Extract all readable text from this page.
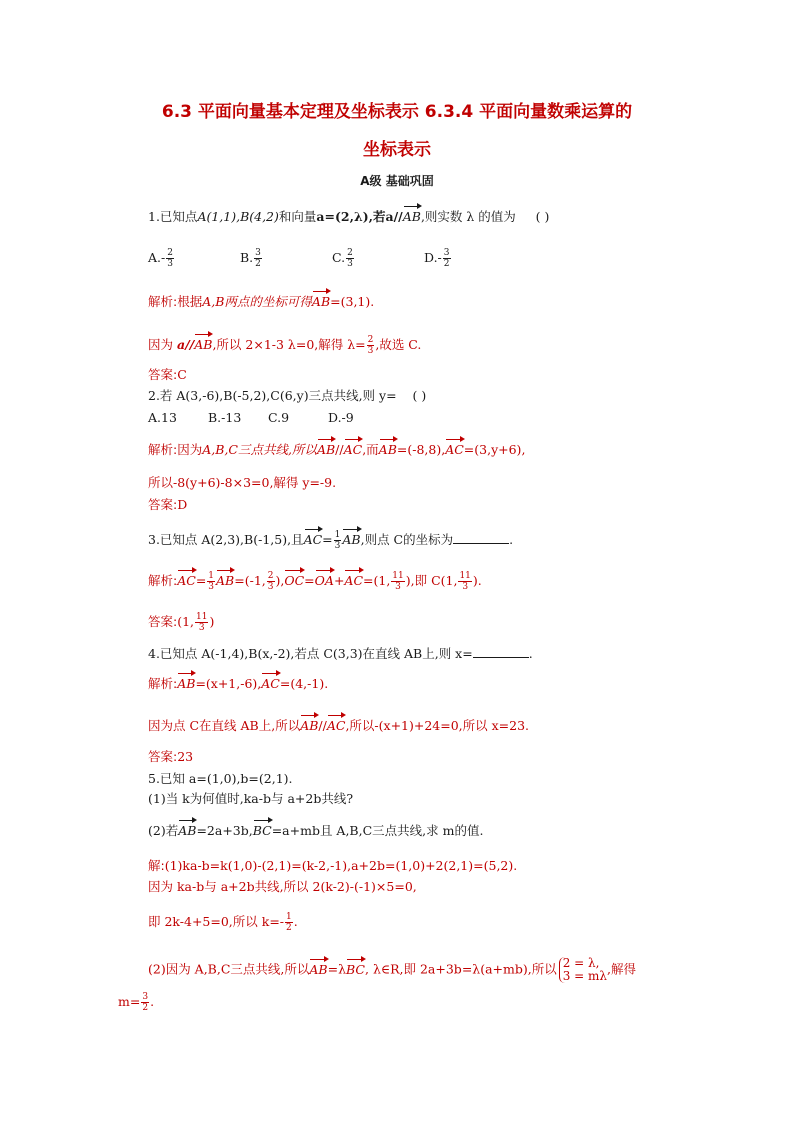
6.3 平面向量基本定理及坐标表示 6.3.4 平面向量数乘运算的
坐标表示
A级 基础巩固
1.已知点A(1,1),B(4,2)和向量a=(2,λ),若a//AB,则实数 λ 的值为 ( )
$A.- \frac{2}{3}$	B. $\frac{3}{2}$	C. $\frac{2}{3}$	$D.- \frac{3}{2}$
解析:根据A,B两点的坐标可得AB=(3,1).
因为 a//AB,所以 2×1-3 λ=0,解得 $\lambda= \frac{2}{3}$ ,故选 C.
答案:C
2.若 A(3,-6),B(-5,2),C(6,y)三点共线,则 y= ( )
A.13 B.-13 C.9	D.-9
解析:因为A,B,C三点共线,所以AB//AC,而AB=(-8,8),AC=(3,y+6),
所以-8(y+6)-8×3=0,解得 y=-9.
答案:D
3.已知点 A(2,3),B(-1,5),且$AC= \frac{1}{3}$ AB,则点 C的坐标为	.
解析:AC= $\frac{1}{3} AB=(-1$, $\frac{2}{3} ),OC=OA+AC=(1$, $\frac{11}{3}$ ),即 C(1, $\frac{11}{3}$ ).
答案:(1, $\frac{11}{3}$ )
4.已知点 A(-1,4),B(x,-2),若点 C(3,3)在直线 AB上,则 x=	.
解析:AB=(x+1,-6),AC=(4,-1).
因为点 C在直线 AB上,所以AB//AC,所以-(x+1)+24=0,所以 x=23.
答案:23
5.已知 a=(1,0),b=(2,1).
(1)当 k为何值时,ka-b与 a+2b共线?
(2)若AB=2a+3b,BC=a+mb且 A,B,C三点共线,求 m的值.
解:(1)ka-b=k(1,0)-(2,1)=(k-2,-1),a+2b=(1,0)+2(2,1)=(5,2).
因为 ka-b与 a+2b共线,所以 2(k-2)-(-1)×5=0,
即 2k-4+5=0,所以 $k=- \frac{1}{2}$ .
(2)因为 A,B,C三点共线,所以AB=λBC, λ∈R,即 2a+3b=λ(a+mb),所以 2 = λ,
3 = mλ ,解得
$m= \frac{3}{2}$ .
